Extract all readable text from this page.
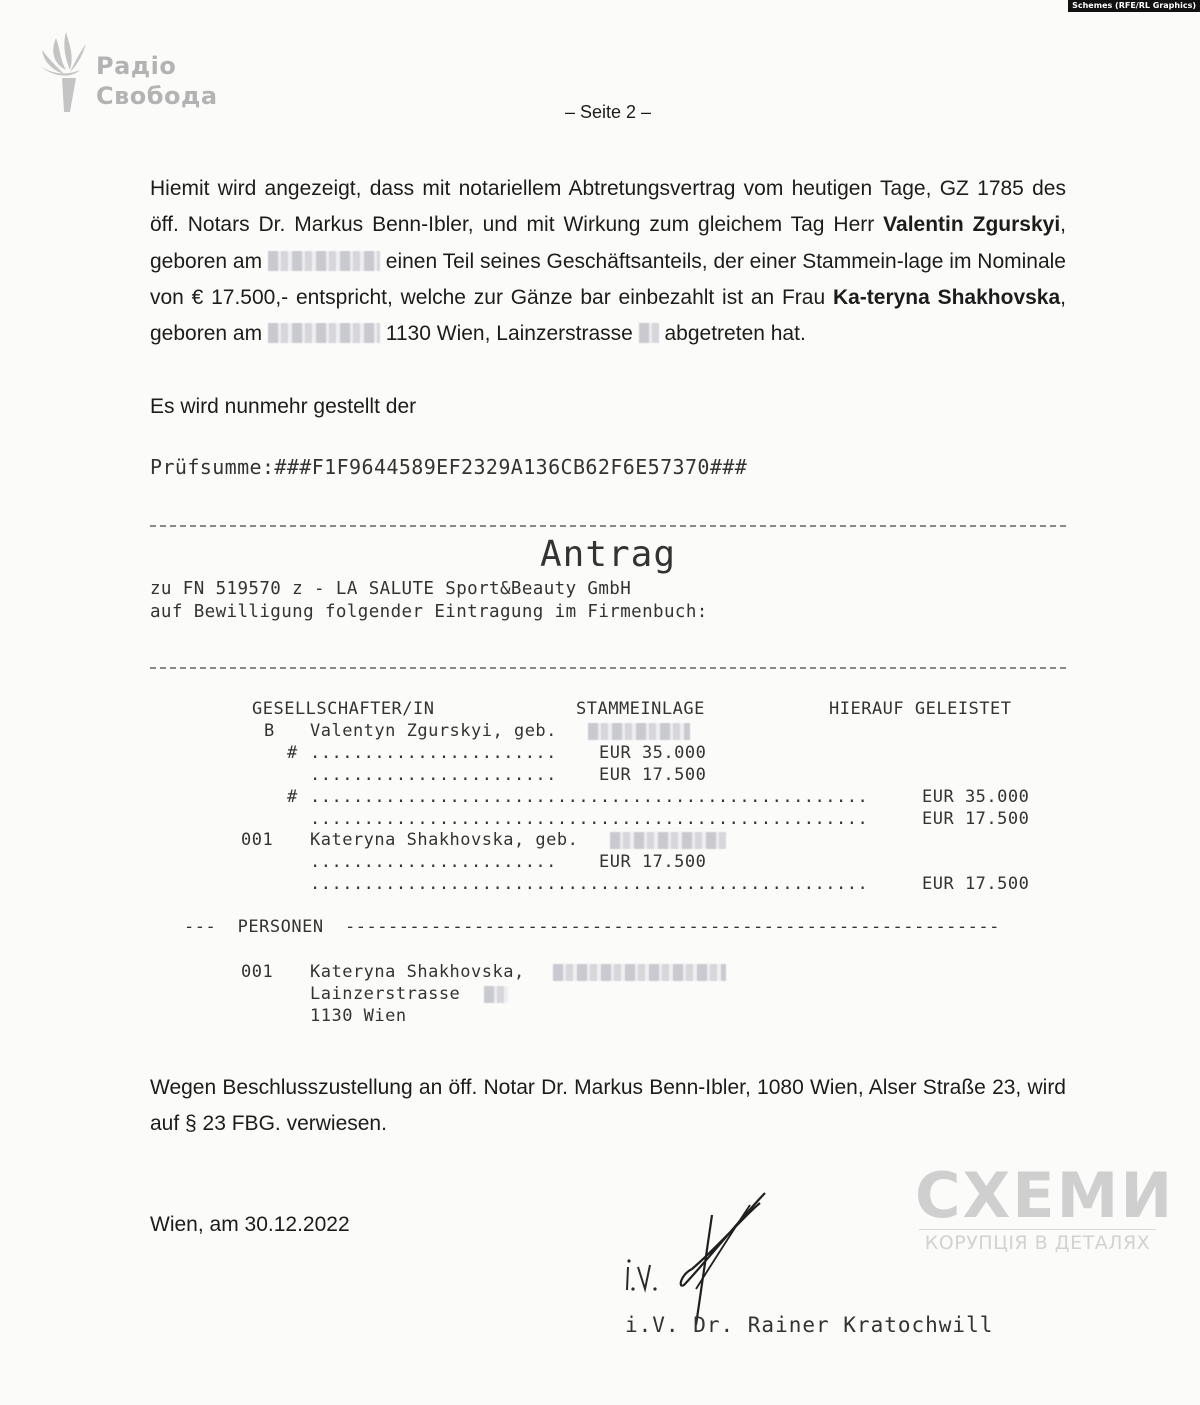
Schemes (RFE/RL Graphics)
Радіо
Свобода
– Seite 2 –
Hiemit wird angezeigt, dass mit notariellem Abtretungsvertrag vom heutigen Tage, GZ 1785 des öff. Notars Dr. Markus Benn-Ibler, und mit Wirkung zum gleichem Tag Herr Valentin Zgurskyi, geboren am	einen Teil seines Geschäftsanteils, der einer Stammein-lage im Nominale von € 17.500,- entspricht, welche zur Gänze bar einbezahlt ist an Frau Ka-teryna Shakhovska, geboren am	1130 Wien, Lainzerstrasse  abgetreten hat.
Es wird nunmehr gestellt der
Prüfsumme:###F1F9644589EF2329A136CB62F6E57370###
Antrag
zu FN 519570 z - LA SALUTE Sport&Beauty GmbH
auf Bewilligung folgender Eintragung im Firmenbuch:
GESELLSCHAFTER/IN	STAMMEINLAGE	HIERAUF GELEISTET
B Valentyn Zgurskyi, geb.
# ....................... EUR 35.000
....................... EUR 17.500
# ....................................................	EUR 35.000
....................................................	EUR 17.500
001 Kateryna Shakhovska, geb.
....................... EUR 17.500
....................................................	EUR 17.500
---  PERSONEN  -------------------------------------------------------------
001 Kateryna Shakhovska,
Lainzerstrasse
1130 Wien
Wegen Beschlusszustellung an öff. Notar Dr. Markus Benn-Ibler, 1080 Wien, Alser Straße 23, wird auf § 23 FBG. verwiesen.
Wien, am 30.12.2022
i.V. Dr. Rainer Kratochwill
СХЕМИ
КОРУПЦІЯ В ДЕТАЛЯХ
